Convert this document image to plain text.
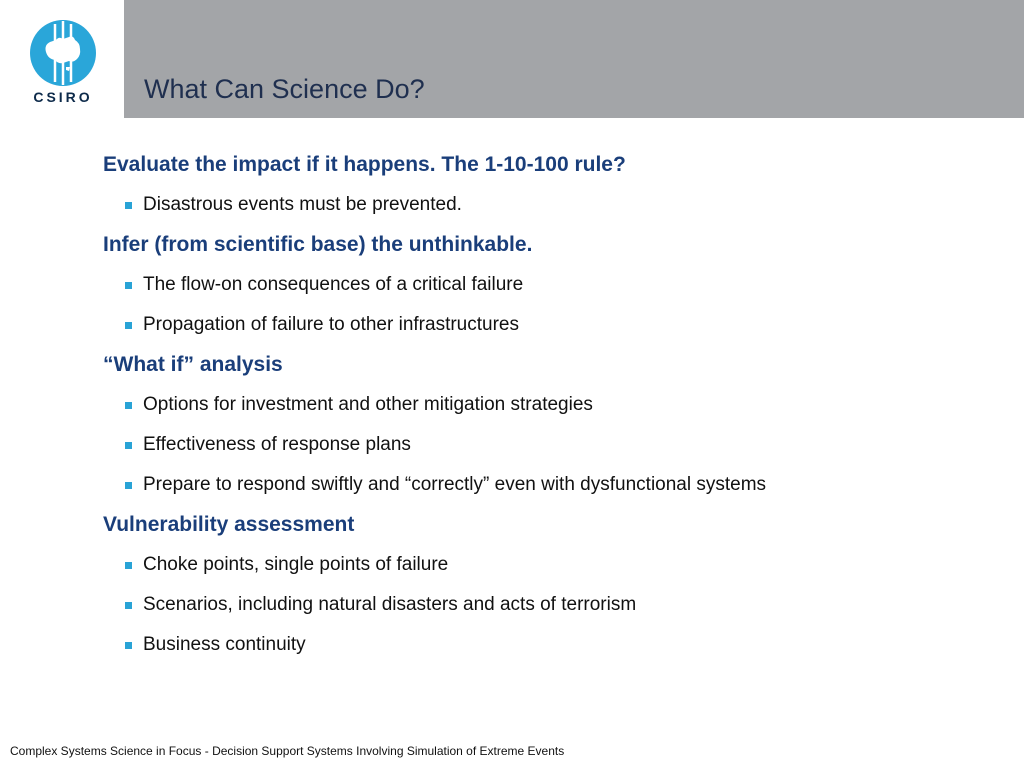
CSIRO What Can Science Do?
Evaluate the impact if it happens. The 1-10-100 rule?
Disastrous events must be prevented.
Infer (from scientific base) the unthinkable.
The flow-on consequences of a critical failure
Propagation of failure to other infrastructures
“What if” analysis
Options for investment and other mitigation strategies
Effectiveness of response plans
Prepare to respond swiftly and “correctly” even with dysfunctional systems
Vulnerability assessment
Choke points, single points of failure
Scenarios, including natural disasters and acts of terrorism
Business continuity
Complex Systems Science in Focus - Decision Support Systems Involving Simulation of Extreme Events
